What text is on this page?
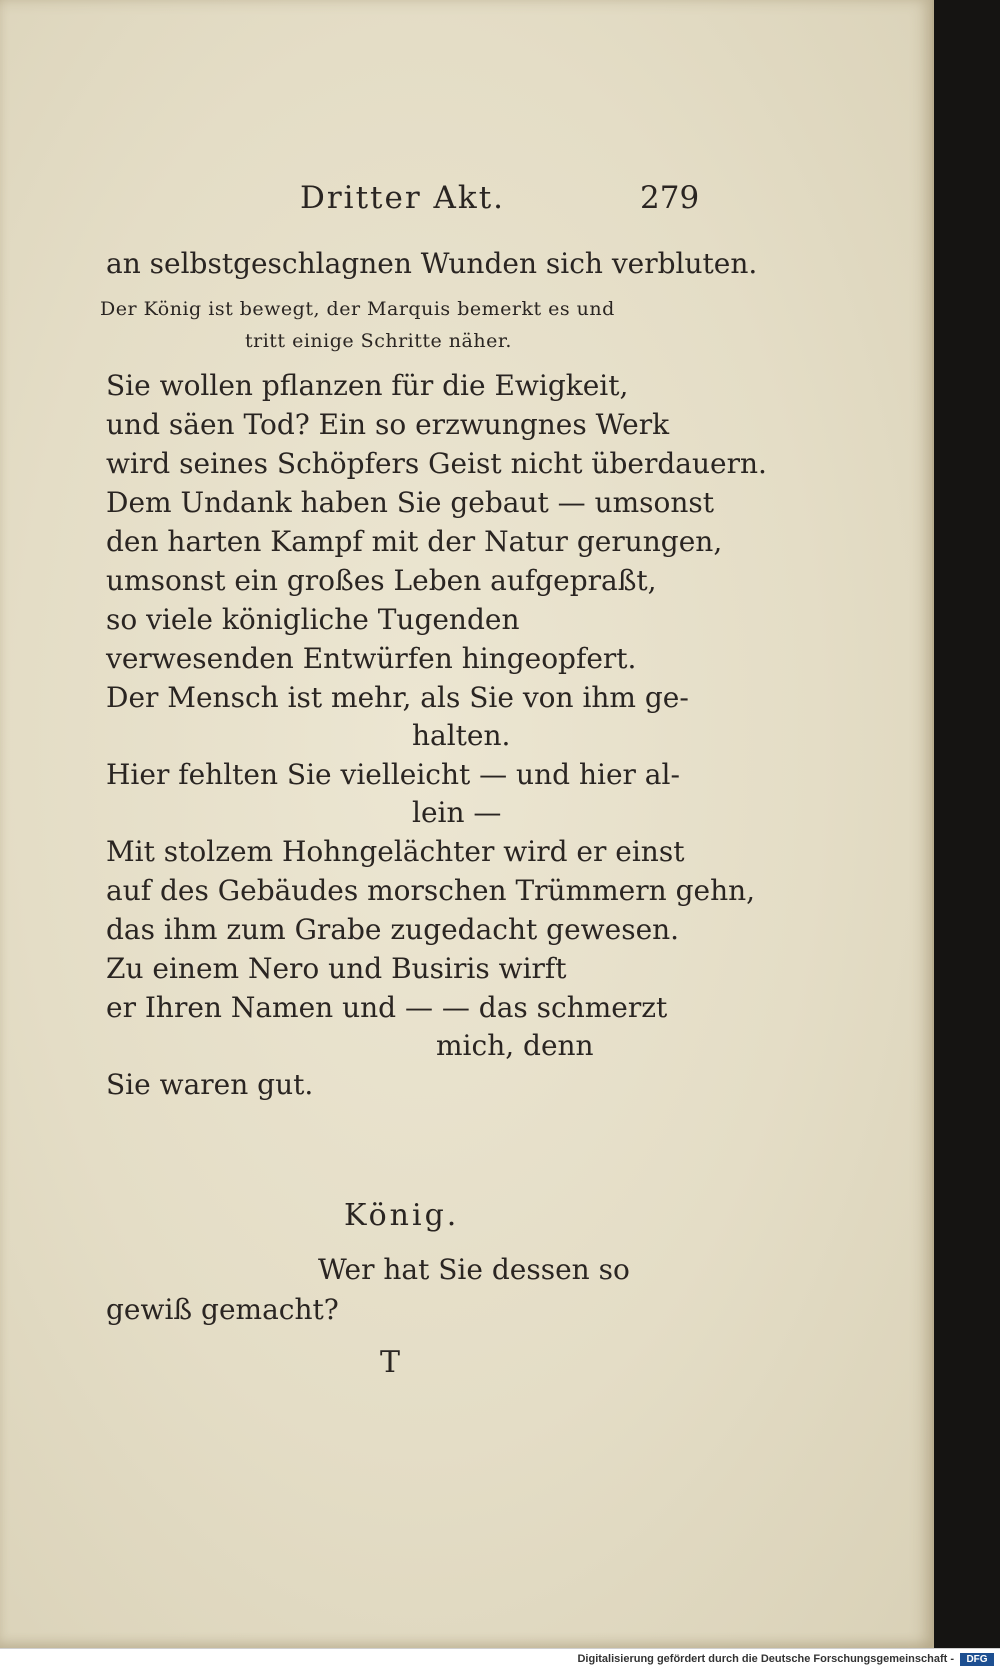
Dritter Akt.	279
an selbstgeschlagnen Wunden sich verbluten.
Der König ist bewegt, der Marquis bemerkt es und
tritt einige Schritte näher.
Sie wollen pflanzen für die Ewigkeit,
und säen Tod? Ein so erzwungnes Werk
wird seines Schöpfers Geist nicht überdauern.
Dem Undank haben Sie gebaut — umsonst
den harten Kampf mit der Natur gerungen,
umsonst ein großes Leben aufgepraßt,
so viele königliche Tugenden
verwesenden Entwürfen hingeopfert.
Der Mensch ist mehr, als Sie von ihm ge-
halten.
Hier fehlten Sie vielleicht — und hier al-
lein —
Mit stolzem Hohngelächter wird er einst
auf des Gebäudes morschen Trümmern gehn,
das ihm zum Grabe zugedacht gewesen.
Zu einem Nero und Busiris wirft
er Ihren Namen und — — das schmerzt
mich, denn
Sie waren gut.
König.
Wer hat Sie dessen so
gewiß gemacht?
T
Digitalisierung gefördert durch die Deutsche Forschungsgemeinschaft -	DFG
